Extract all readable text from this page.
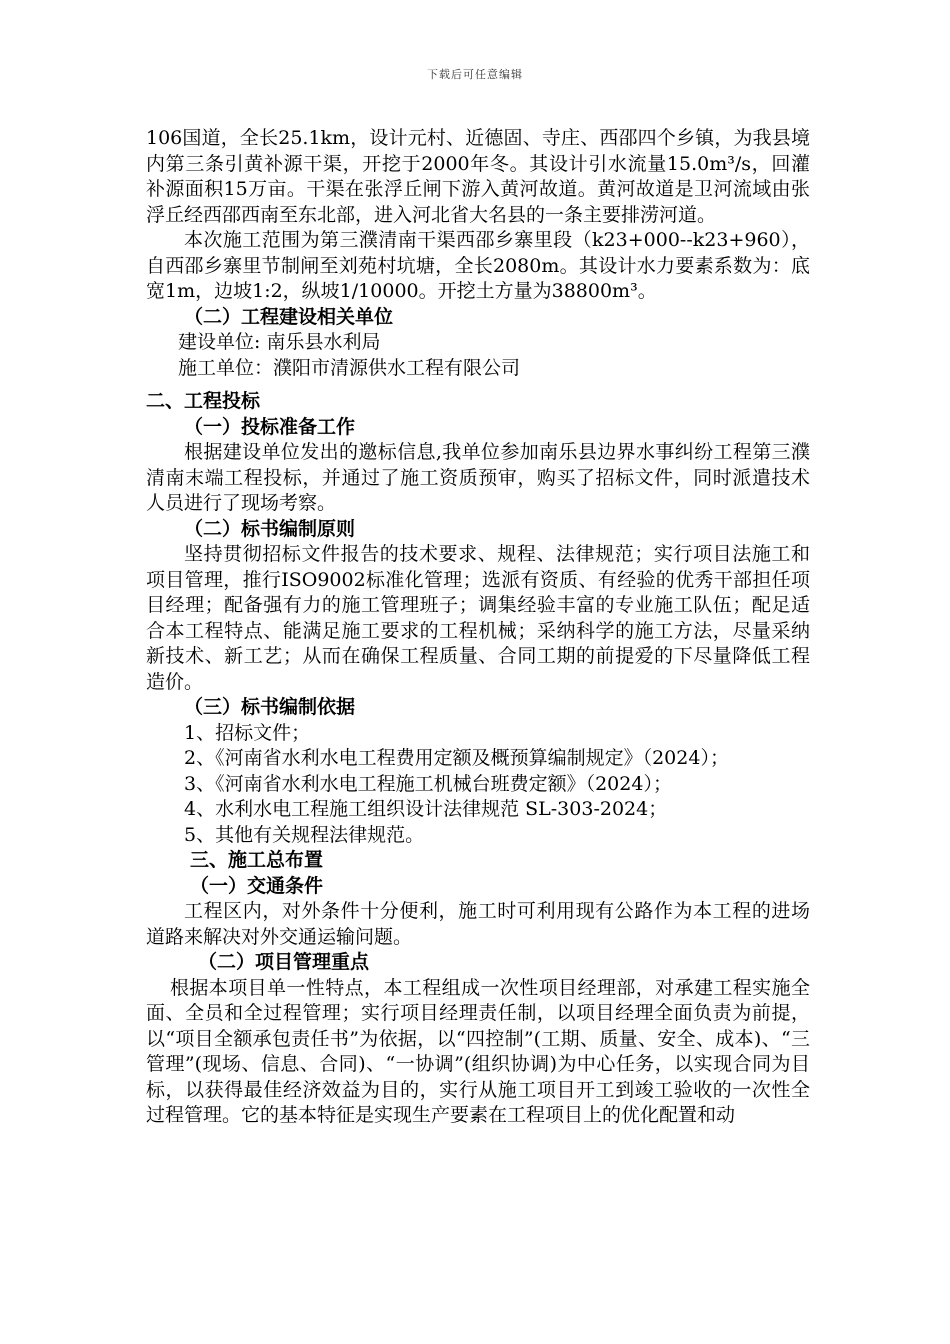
下载后可任意编辑

106国道，全长25.1km，设计元村、近德固、寺庄、西邵四个乡镇，为我县境内第三条引黄补源干渠，开挖于2000年冬。其设计引水流量15.0m³/s，回灌补源面积15万亩。干渠在张浮丘闸下游入黄河故道。黄河故道是卫河流域由张浮丘经西邵西南至东北部，进入河北省大名县的一条主要排涝河道。

本次施工范围为第三濮清南干渠西邵乡寨里段（k23+000--k23+960），自西邵乡寨里节制闸至刘苑村坑塘，全长2080m。其设计水力要素系数为：底宽1m，边坡1:2，纵坡1/10000。开挖土方量为38800m³。

（二）工程建设相关单位

建设单位: 南乐县水利局

施工单位：濮阳市清源供水工程有限公司

二、工程投标

（一）投标准备工作

根据建设单位发出的邀标信息,我单位参加南乐县边界水事纠纷工程第三濮清南末端工程投标，并通过了施工资质预审，购买了招标文件，同时派遣技术人员进行了现场考察。

（二）标书编制原则

坚持贯彻招标文件报告的技术要求、规程、法律规范；实行项目法施工和项目管理，推行ISO9002标准化管理；选派有资质、有经验的优秀干部担任项目经理；配备强有力的施工管理班子；调集经验丰富的专业施工队伍；配足适合本工程特点、能满足施工要求的工程机械；采纳科学的施工方法，尽量采纳新技术、新工艺；从而在确保工程质量、合同工期的前提爱的下尽量降低工程造价。

（三）标书编制依据

1、招标文件；

2、《河南省水利水电工程费用定额及概预算编制规定》（2024）；

3、《河南省水利水电工程施工机械台班费定额》（2024）；

4、水利水电工程施工组织设计法律规范 SL-303-2024；

5、其他有关规程法律规范。

三、施工总布置

（一）交通条件

工程区内，对外条件十分便利，施工时可利用现有公路作为本工程的进场道路来解决对外交通运输问题。

（二）项目管理重点

根据本项目单一性特点，本工程组成一次性项目经理部，对承建工程实施全面、全员和全过程管理；实行项目经理责任制，以项目经理全面负责为前提，以“项目全额承包责任书”为依据，以“四控制”(工期、质量、安全、成本)、“三管理”(现场、信息、合同)、“一协调”(组织协调)为中心任务，以实现合同为目标，以获得最佳经济效益为目的，实行从施工项目开工到竣工验收的一次性全过程管理。它的基本特征是实现生产要素在工程项目上的优化配置和动
